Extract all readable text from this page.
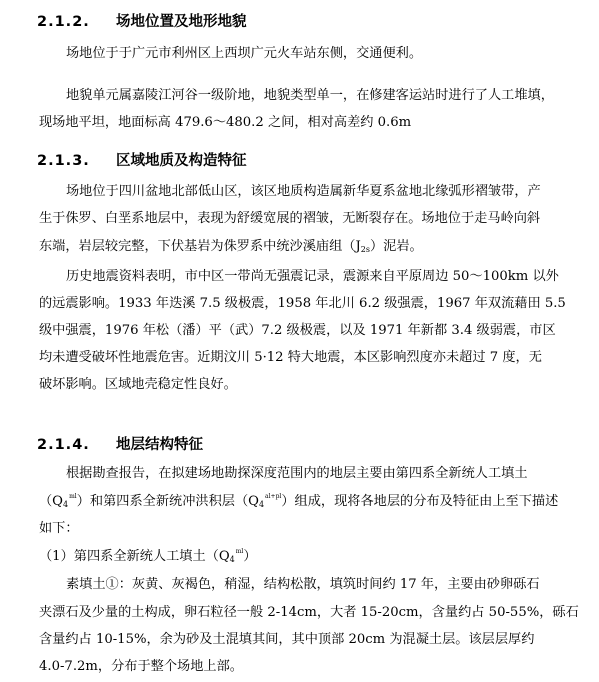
2.1.2. 场地位置及地形地貌
场地位于于广元市利州区上西坝广元火车站东侧，交通便利。
地貌单元属嘉陵江河谷一级阶地，地貌类型单一，在修建客运站时进行了人工堆填，
现场地平坦，地面标高 479.6～480.2 之间，相对高差约 0.6m
2.1.3. 区域地质及构造特征
场地位于四川盆地北部低山区，该区地质构造属新华夏系盆地北缘弧形褶皱带，产
生于侏罗、白垩系地层中，表现为舒缓宽展的褶皱，无断裂存在。场地位于走马岭向斜
东端，岩层较完整，下伏基岩为侏罗系中统沙溪庙组$(J_{2s})$泥岩。
历史地震资料表明，市中区一带尚无强震记录，震源来自平原周边 50～100km 以外
的远震影响。1933 年迭溪 7.5 级极震，1958 年北川 6.2 级强震，1967 年双流藉田 5.5
级中强震，1976 年松（潘）平（武）7.2 级极震，以及 1971 年新都 3.4 级弱震，市区
均未遭受破坏性地震危害。近期汶川 5·12 特大地震，本区影响烈度亦未超过 7 度，无
破坏影响。区域地壳稳定性良好。
2.1.4. 地层结构特征
根据勘查报告，在拟建场地勘探深度范围内的地层主要由第四系全新统人工填土
$(Q_4^{ml})$和第四系全新统冲洪积层$(Q_4^{al+pl})$组成，现将各地层的分布及特征由上至下描述
如下：
（1）第四系全新统人工填土$(Q_4^{ml})$
素填土①：灰黄、灰褐色，稍湿，结构松散，填筑时间约 17 年，主要由砂卵砾石
夹漂石及少量的土构成，卵石粒径一般 2-14cm，大者 15-20cm，含量约占 50-55%，砾石
含量约占 10-15%，余为砂及土混填其间，其中顶部 20cm 为混凝土层。该层层厚约
4.0-7.2m，分布于整个场地上部。
